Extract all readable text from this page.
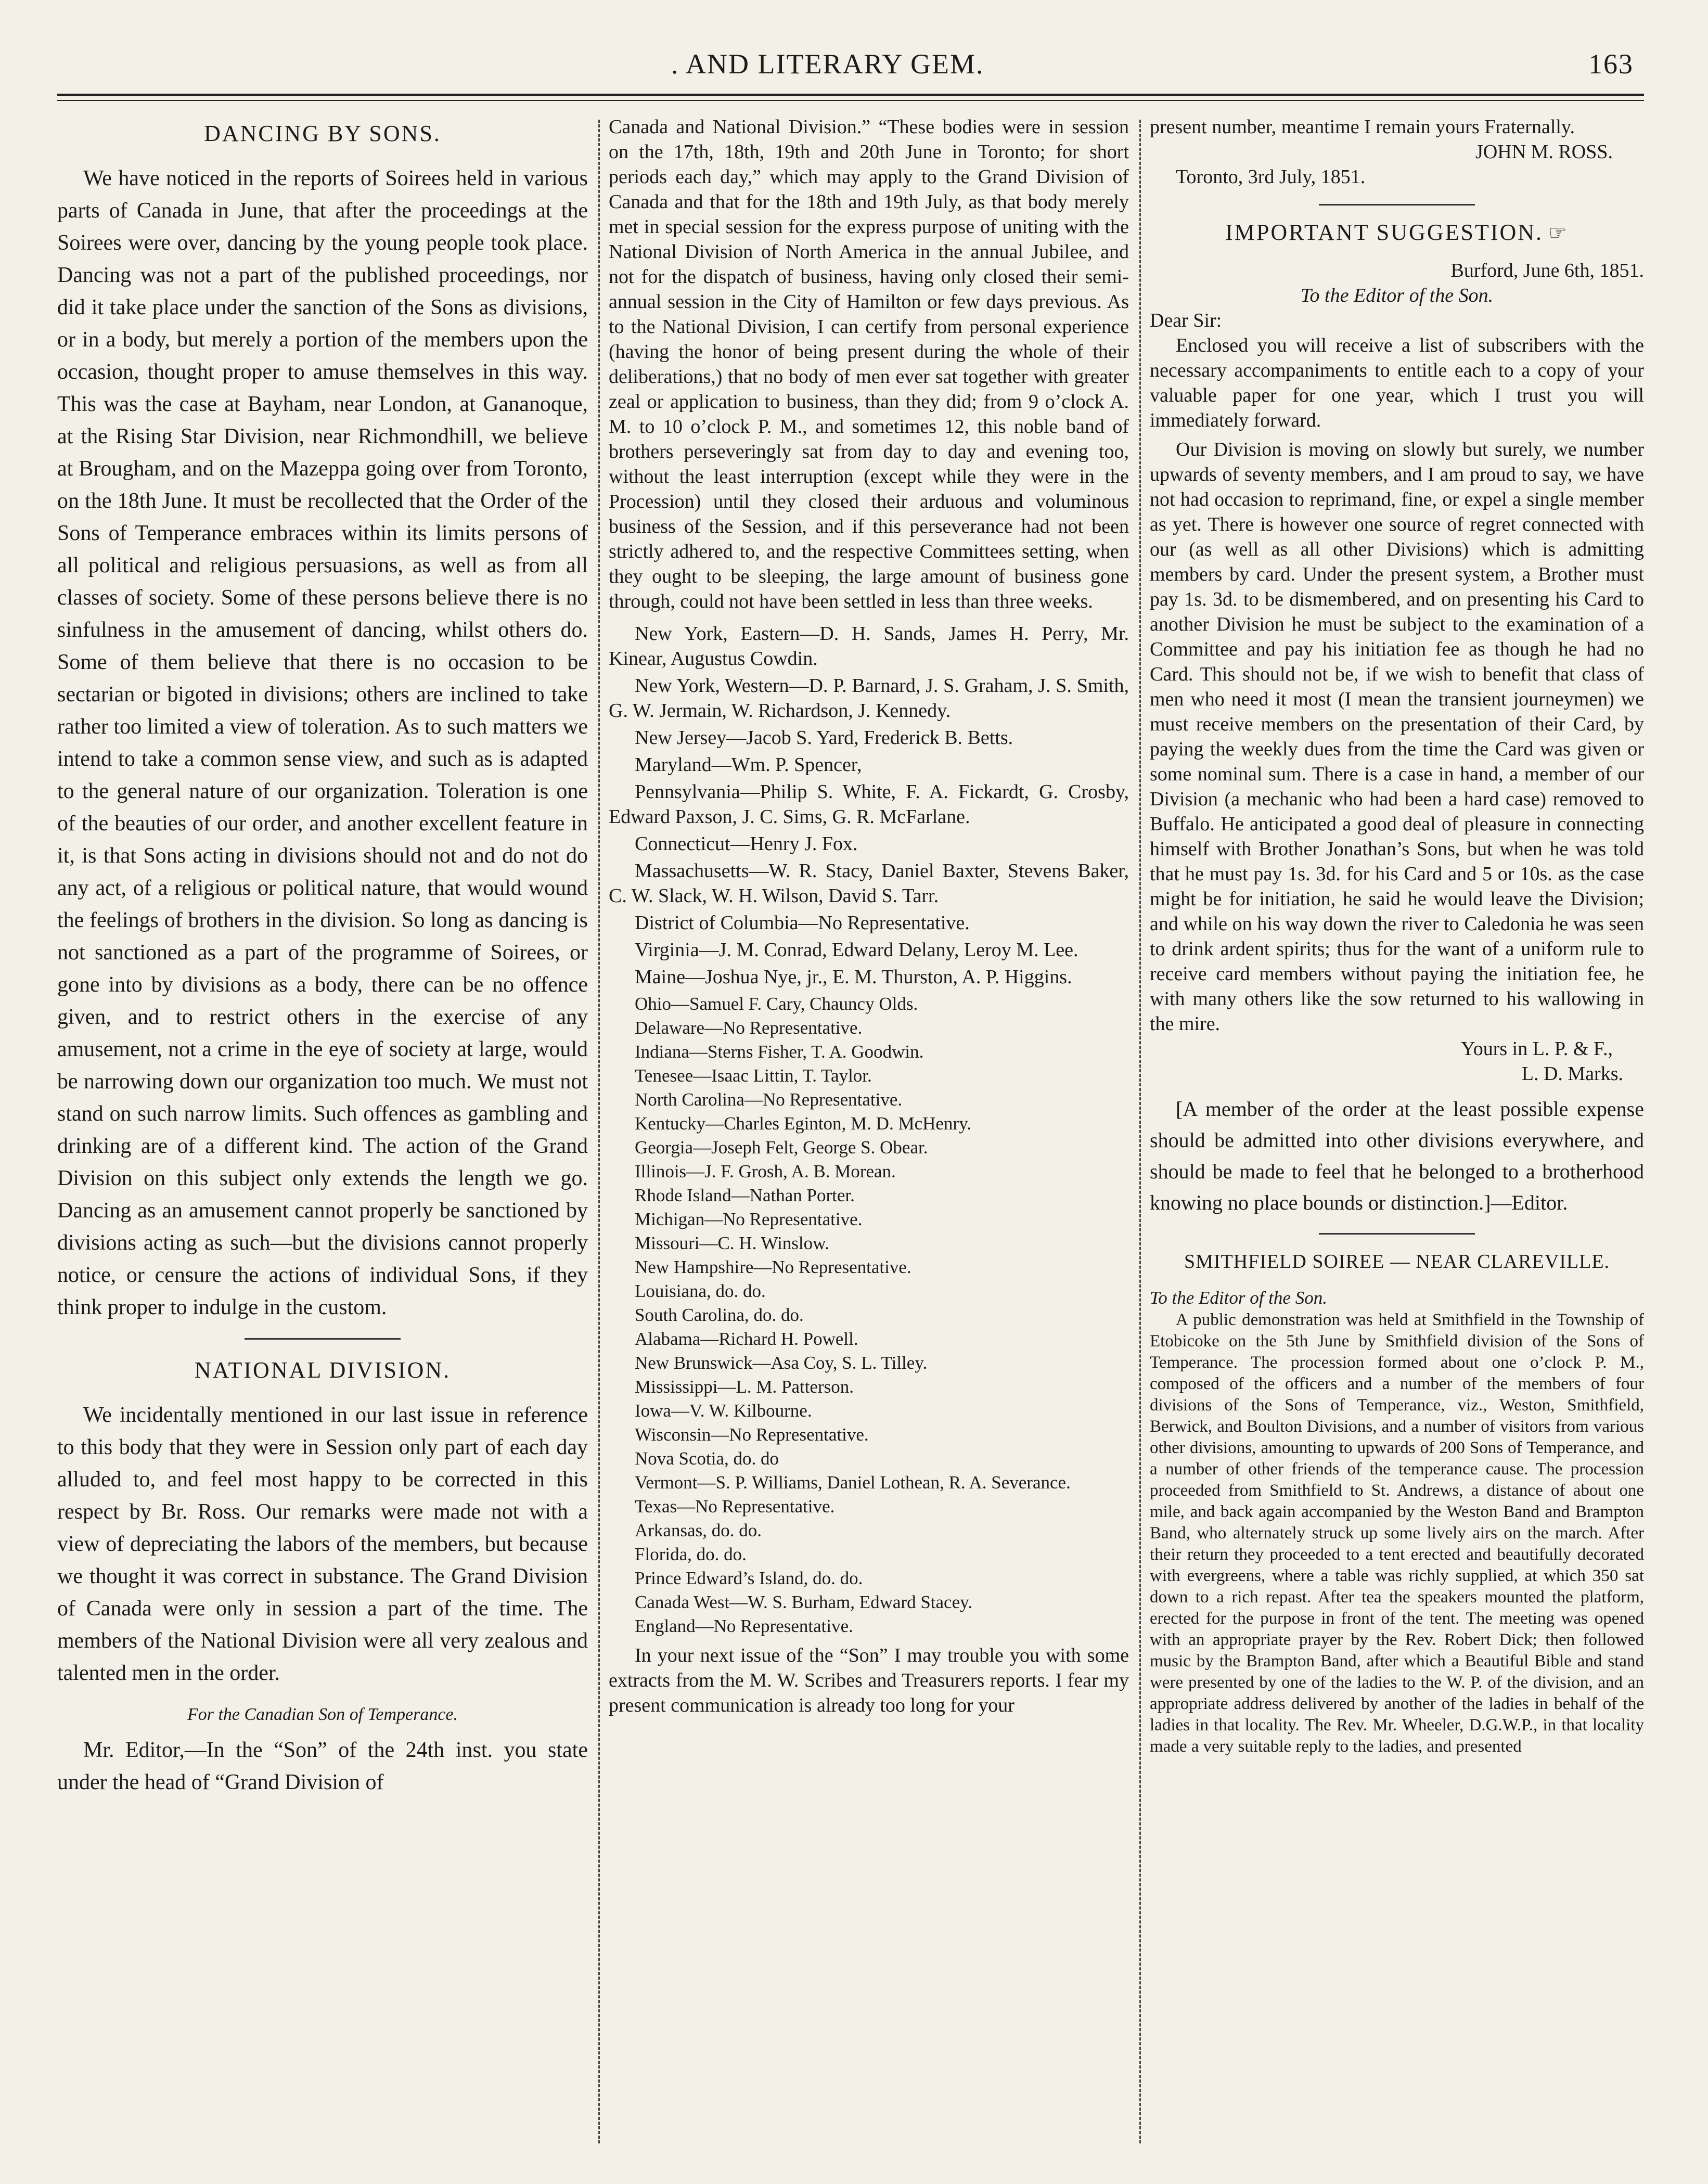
. AND LITERARY GEM.	163
DANCING BY SONS.

We have noticed in the reports of Soirees held in various parts of Canada in June, that after the proceedings at the Soirees were over, dancing by the young people took place. Dancing was not a part of the published proceedings, nor did it take place under the sanction of the Sons as divisions, or in a body, but merely a portion of the members upon the occasion, thought proper to amuse themselves in this way. This was the case at Bayham, near London, at Gananoque, at the Rising Star Division, near Richmondhill, we believe at Brougham, and on the Mazeppa going over from Toronto, on the 18th June. It must be recollected that the Order of the Sons of Temperance embraces within its limits persons of all political and religious persuasions, as well as from all classes of society. Some of these persons believe there is no sinfulness in the amusement of dancing, whilst others do. Some of them believe that there is no occasion to be sectarian or bigoted in divisions; others are inclined to take rather too limited a view of toleration. As to such matters we intend to take a common sense view, and such as is adapted to the general nature of our organization. Toleration is one of the beauties of our order, and another excellent feature in it, is that Sons acting in divisions should not and do not do any act, of a religious or political nature, that would wound the feelings of brothers in the division. So long as dancing is not sanctioned as a part of the programme of Soirees, or gone into by divisions as a body, there can be no offence given, and to restrict others in the exercise of any amusement, not a crime in the eye of society at large, would be narrowing down our organization too much. We must not stand on such narrow limits. Such offences as gambling and drinking are of a different kind. The action of the Grand Division on this subject only extends the length we go. Dancing as an amusement cannot properly be sanctioned by divisions acting as such—but the divisions cannot properly notice, or censure the actions of individual Sons, if they think proper to indulge in the custom.

NATIONAL DIVISION.

We incidentally mentioned in our last issue in reference to this body that they were in Session only part of each day alluded to, and feel most happy to be corrected in this respect by Br. Ross. Our remarks were made not with a view of depreciating the labors of the members, but because we thought it was correct in substance. The Grand Division of Canada were only in session a part of the time. The members of the National Division were all very zealous and talented men in the order.

For the Canadian Son of Temperance.

Mr. Editor,—In the “Son” of the 24th inst. you state under the head of “Grand Division of

Canada and National Division.” “These bodies were in session on the 17th, 18th, 19th and 20th June in Toronto; for short periods each day,” which may apply to the Grand Division of Canada and that for the 18th and 19th July, as that body merely met in special session for the express purpose of uniting with the National Division of North America in the annual Jubilee, and not for the dispatch of business, having only closed their semi-annual session in the City of Hamilton or few days previous. As to the National Division, I can certify from personal experience (having the honor of being present during the whole of their deliberations,) that no body of men ever sat together with greater zeal or application to business, than they did; from 9 o’clock A. M. to 10 o’clock P. M., and sometimes 12, this noble band of brothers perseveringly sat from day to day and evening too, without the least interruption (except while they were in the Procession) until they closed their arduous and voluminous business of the Session, and if this perseverance had not been strictly adhered to, and the respective Committees setting, when they ought to be sleeping, the large amount of business gone through, could not have been settled in less than three weeks.

New York, Eastern—D. H. Sands, James H. Perry, Mr. Kinear, Augustus Cowdin.

New York, Western—D. P. Barnard, J. S. Graham, J. S. Smith, G. W. Jermain, W. Richardson, J. Kennedy.

New Jersey—Jacob S. Yard, Frederick B. Betts.

Maryland—Wm. P. Spencer,

Pennsylvania—Philip S. White, F. A. Fickardt, G. Crosby, Edward Paxson, J. C. Sims, G. R. McFarlane.

Connecticut—Henry J. Fox.

Massachusetts—W. R. Stacy, Daniel Baxter, Stevens Baker, C. W. Slack, W. H. Wilson, David S. Tarr.

District of Columbia—No Representative.

Virginia—J. M. Conrad, Edward Delany, Leroy M. Lee.

Maine—Joshua Nye, jr., E. M. Thurston, A. P. Higgins.

Ohio—Samuel F. Cary, Chauncy Olds.

Delaware—No Representative.

Indiana—Sterns Fisher, T. A. Goodwin.

Tenesee—Isaac Littin, T. Taylor.

North Carolina—No Representative.

Kentucky—Charles Eginton, M. D. McHenry.

Georgia—Joseph Felt, George S. Obear.

Illinois—J. F. Grosh, A. B. Morean.

Rhode Island—Nathan Porter.

Michigan—No Representative.

Missouri—C. H. Winslow.

New Hampshire—No Representative.

Louisiana, do. do.

South Carolina, do. do.

Alabama—Richard H. Powell.

New Brunswick—Asa Coy, S. L. Tilley.

Mississippi—L. M. Patterson.

Iowa—V. W. Kilbourne.

Wisconsin—No Representative.

Nova Scotia, do. do

Vermont—S. P. Williams, Daniel Lothean, R. A. Severance.

Texas—No Representative.

Arkansas, do. do.

Florida, do. do.

Prince Edward’s Island, do. do.

Canada West—W. S. Burham, Edward Stacey.

England—No Representative.

In your next issue of the “Son” I may trouble you with some extracts from the M. W. Scribes and Treasurers reports. I fear my present communication is already too long for your

present number, meantime I remain yours Fraternally.

JOHN M. ROSS.

Toronto, 3rd July, 1851.

IMPORTANT SUGGESTION. ☞

Burford, June 6th, 1851.

To the Editor of the Son.

Dear Sir:

Enclosed you will receive a list of subscribers with the necessary accompaniments to entitle each to a copy of your valuable paper for one year, which I trust you will immediately forward.

Our Division is moving on slowly but surely, we number upwards of seventy members, and I am proud to say, we have not had occasion to reprimand, fine, or expel a single member as yet. There is however one source of regret connected with our (as well as all other Divisions) which is admitting members by card. Under the present system, a Brother must pay 1s. 3d. to be dismembered, and on presenting his Card to another Division he must be subject to the examination of a Committee and pay his initiation fee as though he had no Card. This should not be, if we wish to benefit that class of men who need it most (I mean the transient journeymen) we must receive members on the presentation of their Card, by paying the weekly dues from the time the Card was given or some nominal sum. There is a case in hand, a member of our Division (a mechanic who had been a hard case) removed to Buffalo. He anticipated a good deal of pleasure in connecting himself with Brother Jonathan’s Sons, but when he was told that he must pay 1s. 3d. for his Card and 5 or 10s. as the case might be for initiation, he said he would leave the Division; and while on his way down the river to Caledonia he was seen to drink ardent spirits; thus for the want of a uniform rule to receive card members without paying the initiation fee, he with many others like the sow returned to his wallowing in the mire.

Yours in L. P. & F.,

L. D. Marks.

[A member of the order at the least possible expense should be admitted into other divisions everywhere, and should be made to feel that he belonged to a brotherhood knowing no place bounds or distinction.]—Editor.

SMITHFIELD SOIREE — NEAR CLAREVILLE.

To the Editor of the Son.

A public demonstration was held at Smithfield in the Township of Etobicoke on the 5th June by Smithfield division of the Sons of Temperance. The procession formed about one o’clock P. M., composed of the officers and a number of the members of four divisions of the Sons of Temperance, viz., Weston, Smithfield, Berwick, and Boulton Divisions, and a number of visitors from various other divisions, amounting to upwards of 200 Sons of Temperance, and a number of other friends of the temperance cause. The procession proceeded from Smithfield to St. Andrews, a distance of about one mile, and back again accompanied by the Weston Band and Brampton Band, who alternately struck up some lively airs on the march. After their return they proceeded to a tent erected and beautifully decorated with evergreens, where a table was richly supplied, at which 350 sat down to a rich repast. After tea the speakers mounted the platform, erected for the purpose in front of the tent. The meeting was opened with an appropriate prayer by the Rev. Robert Dick; then followed music by the Brampton Band, after which a Beautiful Bible and stand were presented by one of the ladies to the W. P. of the division, and an appropriate address delivered by another of the ladies in behalf of the ladies in that locality. The Rev. Mr. Wheeler, D.G.W.P., in that locality made a very suitable reply to the ladies, and presented
